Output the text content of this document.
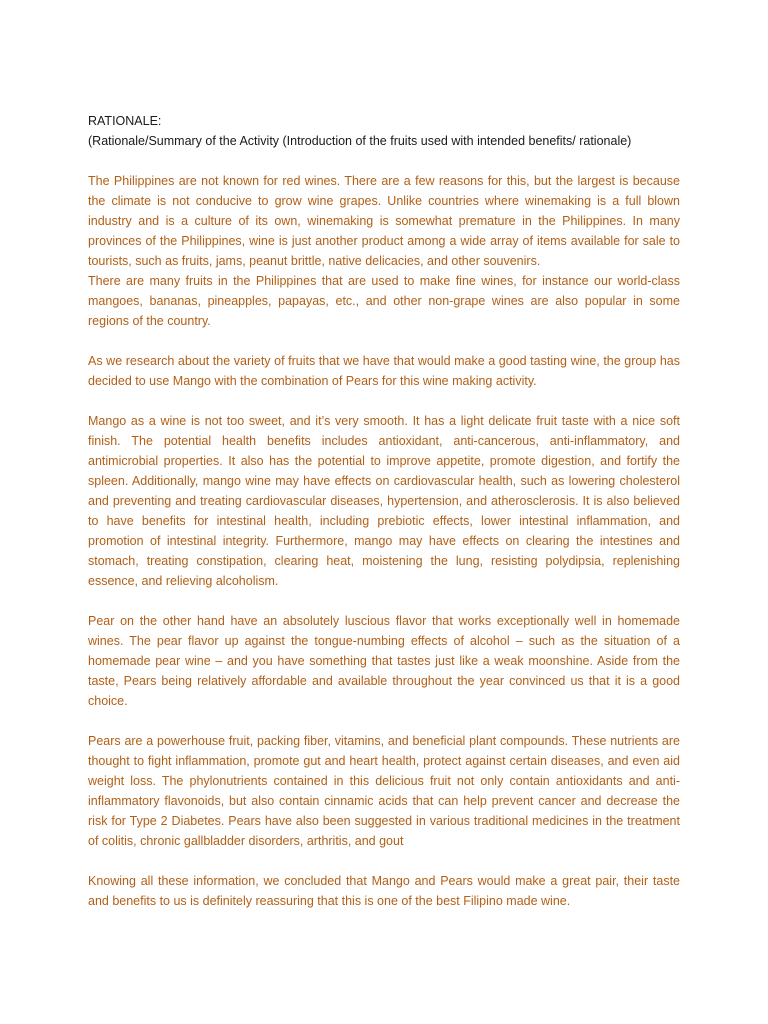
RATIONALE:

(Rationale/Summary of the Activity (Introduction of the fruits used with intended benefits/ rationale)

The Philippines are not known for red wines. There are a few reasons for this, but the largest is because the climate is not conducive to grow wine grapes. Unlike countries where winemaking is a full blown industry and is a culture of its own, winemaking is somewhat premature in the Philippines. In many provinces of the Philippines, wine is just another product among a wide array of items available for sale to tourists, such as fruits, jams, peanut brittle, native delicacies, and other souvenirs.

There are many fruits in the Philippines that are used to make fine wines, for instance our world-class mangoes, bananas, pineapples, papayas, etc., and other non-grape wines are also popular in some regions of the country.

As we research about the variety of fruits that we have that would make a good tasting wine, the group has decided to use Mango with the combination of Pears for this wine making activity.

Mango as a wine is not too sweet, and it’s very smooth. It has a light delicate fruit taste with a nice soft finish. The potential health benefits includes antioxidant, anti-cancerous, anti-inflammatory, and antimicrobial properties. It also has the potential to improve appetite, promote digestion, and fortify the spleen. Additionally, mango wine may have effects on cardiovascular health, such as lowering cholesterol and preventing and treating cardiovascular diseases, hypertension, and atherosclerosis. It is also believed to have benefits for intestinal health, including prebiotic effects, lower intestinal inflammation, and promotion of intestinal integrity. Furthermore, mango may have effects on clearing the intestines and stomach, treating constipation, clearing heat, moistening the lung, resisting polydipsia, replenishing essence, and relieving alcoholism.

Pear on the other hand have an absolutely luscious flavor that works exceptionally well in homemade wines. The pear flavor up against the tongue-numbing effects of alcohol – such as the situation of a homemade pear wine – and you have something that tastes just like a weak moonshine. Aside from the taste, Pears being relatively affordable and available throughout the year convinced us that it is a good choice.

Pears are a powerhouse fruit, packing fiber, vitamins, and beneficial plant compounds. These nutrients are thought to fight inflammation, promote gut and heart health, protect against certain diseases, and even aid weight loss. The phylonutrients contained in this delicious fruit not only contain antioxidants and anti-inflammatory flavonoids, but also contain cinnamic acids that can help prevent cancer and decrease the risk for Type 2 Diabetes. Pears have also been suggested in various traditional medicines in the treatment of colitis, chronic gallbladder disorders, arthritis, and gout

Knowing all these information, we concluded that Mango and Pears would make a great pair, their taste and benefits to us is definitely reassuring that this is one of the best Filipino made wine.
